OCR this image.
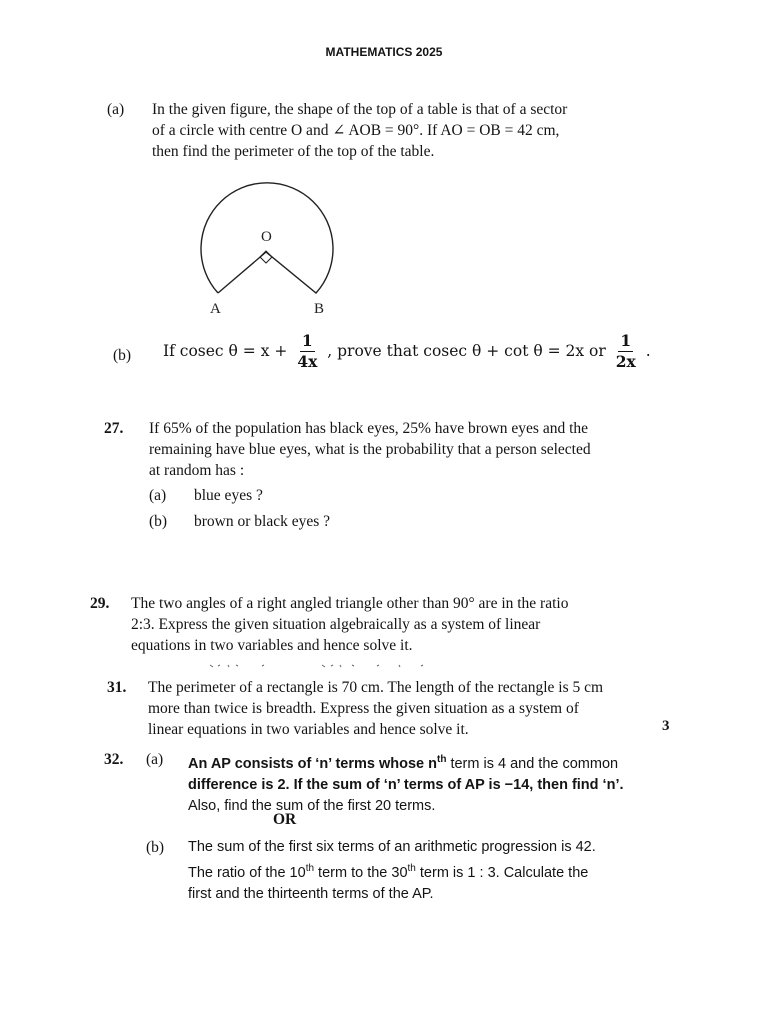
MATHEMATICS 2025
(a) In the given figure, the shape of the top of a table is that of a sector
of a circle with centre O and ∠ AOB = 90°. If AO = OB = 42 cm,
then find the perimeter of the top of the table.
O
A	B
(b) If cosec $\theta = x + \frac{1}{4x}$ , prove that cosec θ + cot θ = 2x or $\frac{1}{2x}$ .
27. If 65% of the population has black eyes, 25% have brown eyes and the
remaining have blue eyes, what is the probability that a person selected
at random has :
(a) blue eyes ?
(b) brown or black eyes ?
29. The two angles of a right angled triangle other than 90° are in the ratio
2:3. Express the given situation algebraically as a system of linear
equations in two variables and hence solve it.
31. The perimeter of a rectangle is 70 cm. The length of the rectangle is 5 cm
more than twice is breadth. Express the given situation as a system of
linear equations in two variables and hence solve it.	3
32. (a) An AP consists of ‘n’ terms whose $n^{th}$ term is 4 and the common
difference is 2. If the sum of ‘n’ terms of AP is −14, then find ‘n’.
Also, find the sum of the first 20 terms.
OR
(b) The sum of the first six terms of an arithmetic progression is 42.
The ratio of the 10th term to the 30th term is 1 : 3. Calculate the
first and the thirteenth terms of the AP.
